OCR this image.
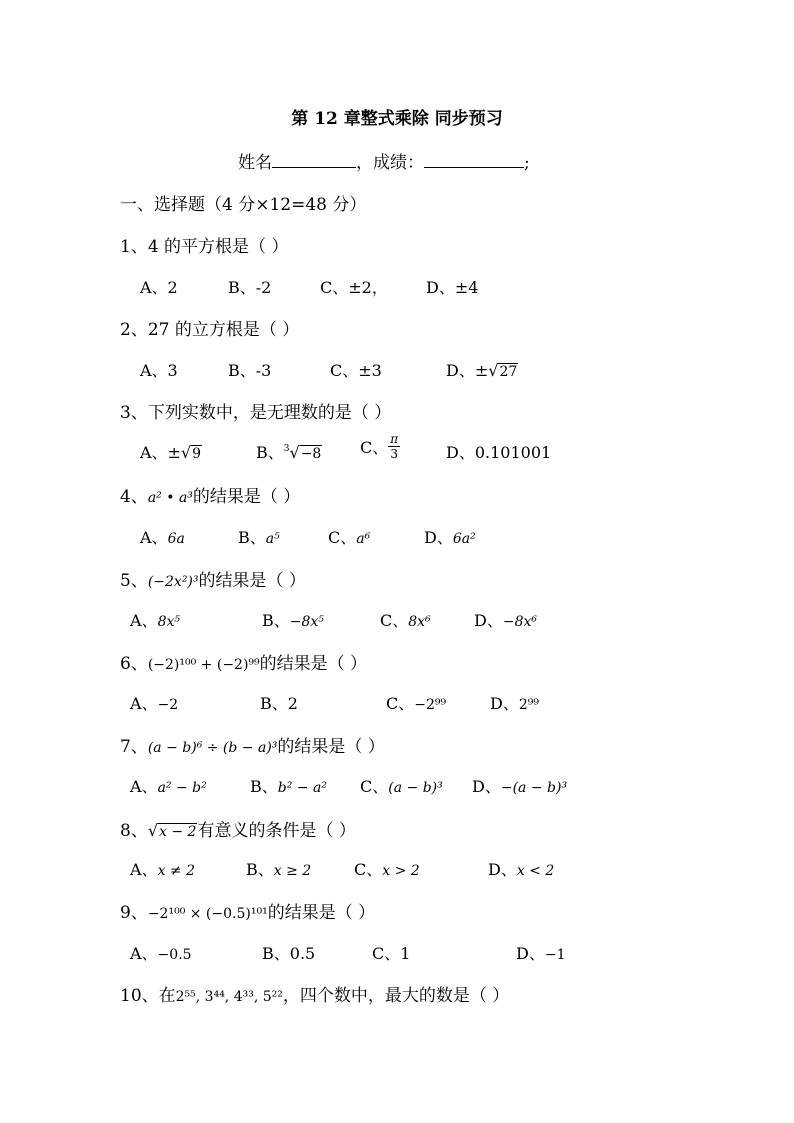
第 12 章整式乘除 同步预习
姓名	，成绩：	;
一、选择题（4 分×12=48 分）
1、4 的平方根是（ ）
A、2	B、-2	C、±2， D、±4
2、27 的立方根是（ ）
A、3	B、-3	C、±3	D、±√27
3、下列实数中，是无理数的是（ ）
A、±√9	B、$^3$√−8 C、 $\frac{\pi}{3}$	D、0.101001
4、a² • a³的结果是（ ）
A、6a	B、a⁵	C、a⁶	D、6a²
5、(−2x²)³的结果是（ ）
A、8x⁵	B、−8x⁵	C、8x⁶	D、−8x⁶
6、(−2)¹⁰⁰ + (−2)⁹⁹的结果是（ ）
A、−2	B、2	C、−2⁹⁹	D、2⁹⁹
7、(a − b)⁶ ÷ (b − a)³的结果是（ ）
A、a² − b²	B、b² − a² C、(a − b)³ D、−(a − b)³
8、√x − 2有意义的条件是（ ）
A、x ≠ 2	B、x ≥ 2	C、x > 2	D、x < 2
9、−2¹⁰⁰ × (−0.5)¹⁰¹的结果是（ ）
A、−0.5	B、0.5	C、1	D、−1
10、在2⁵⁵, 3⁴⁴, 4³³, 5²²，四个数中，最大的数是（ ）
